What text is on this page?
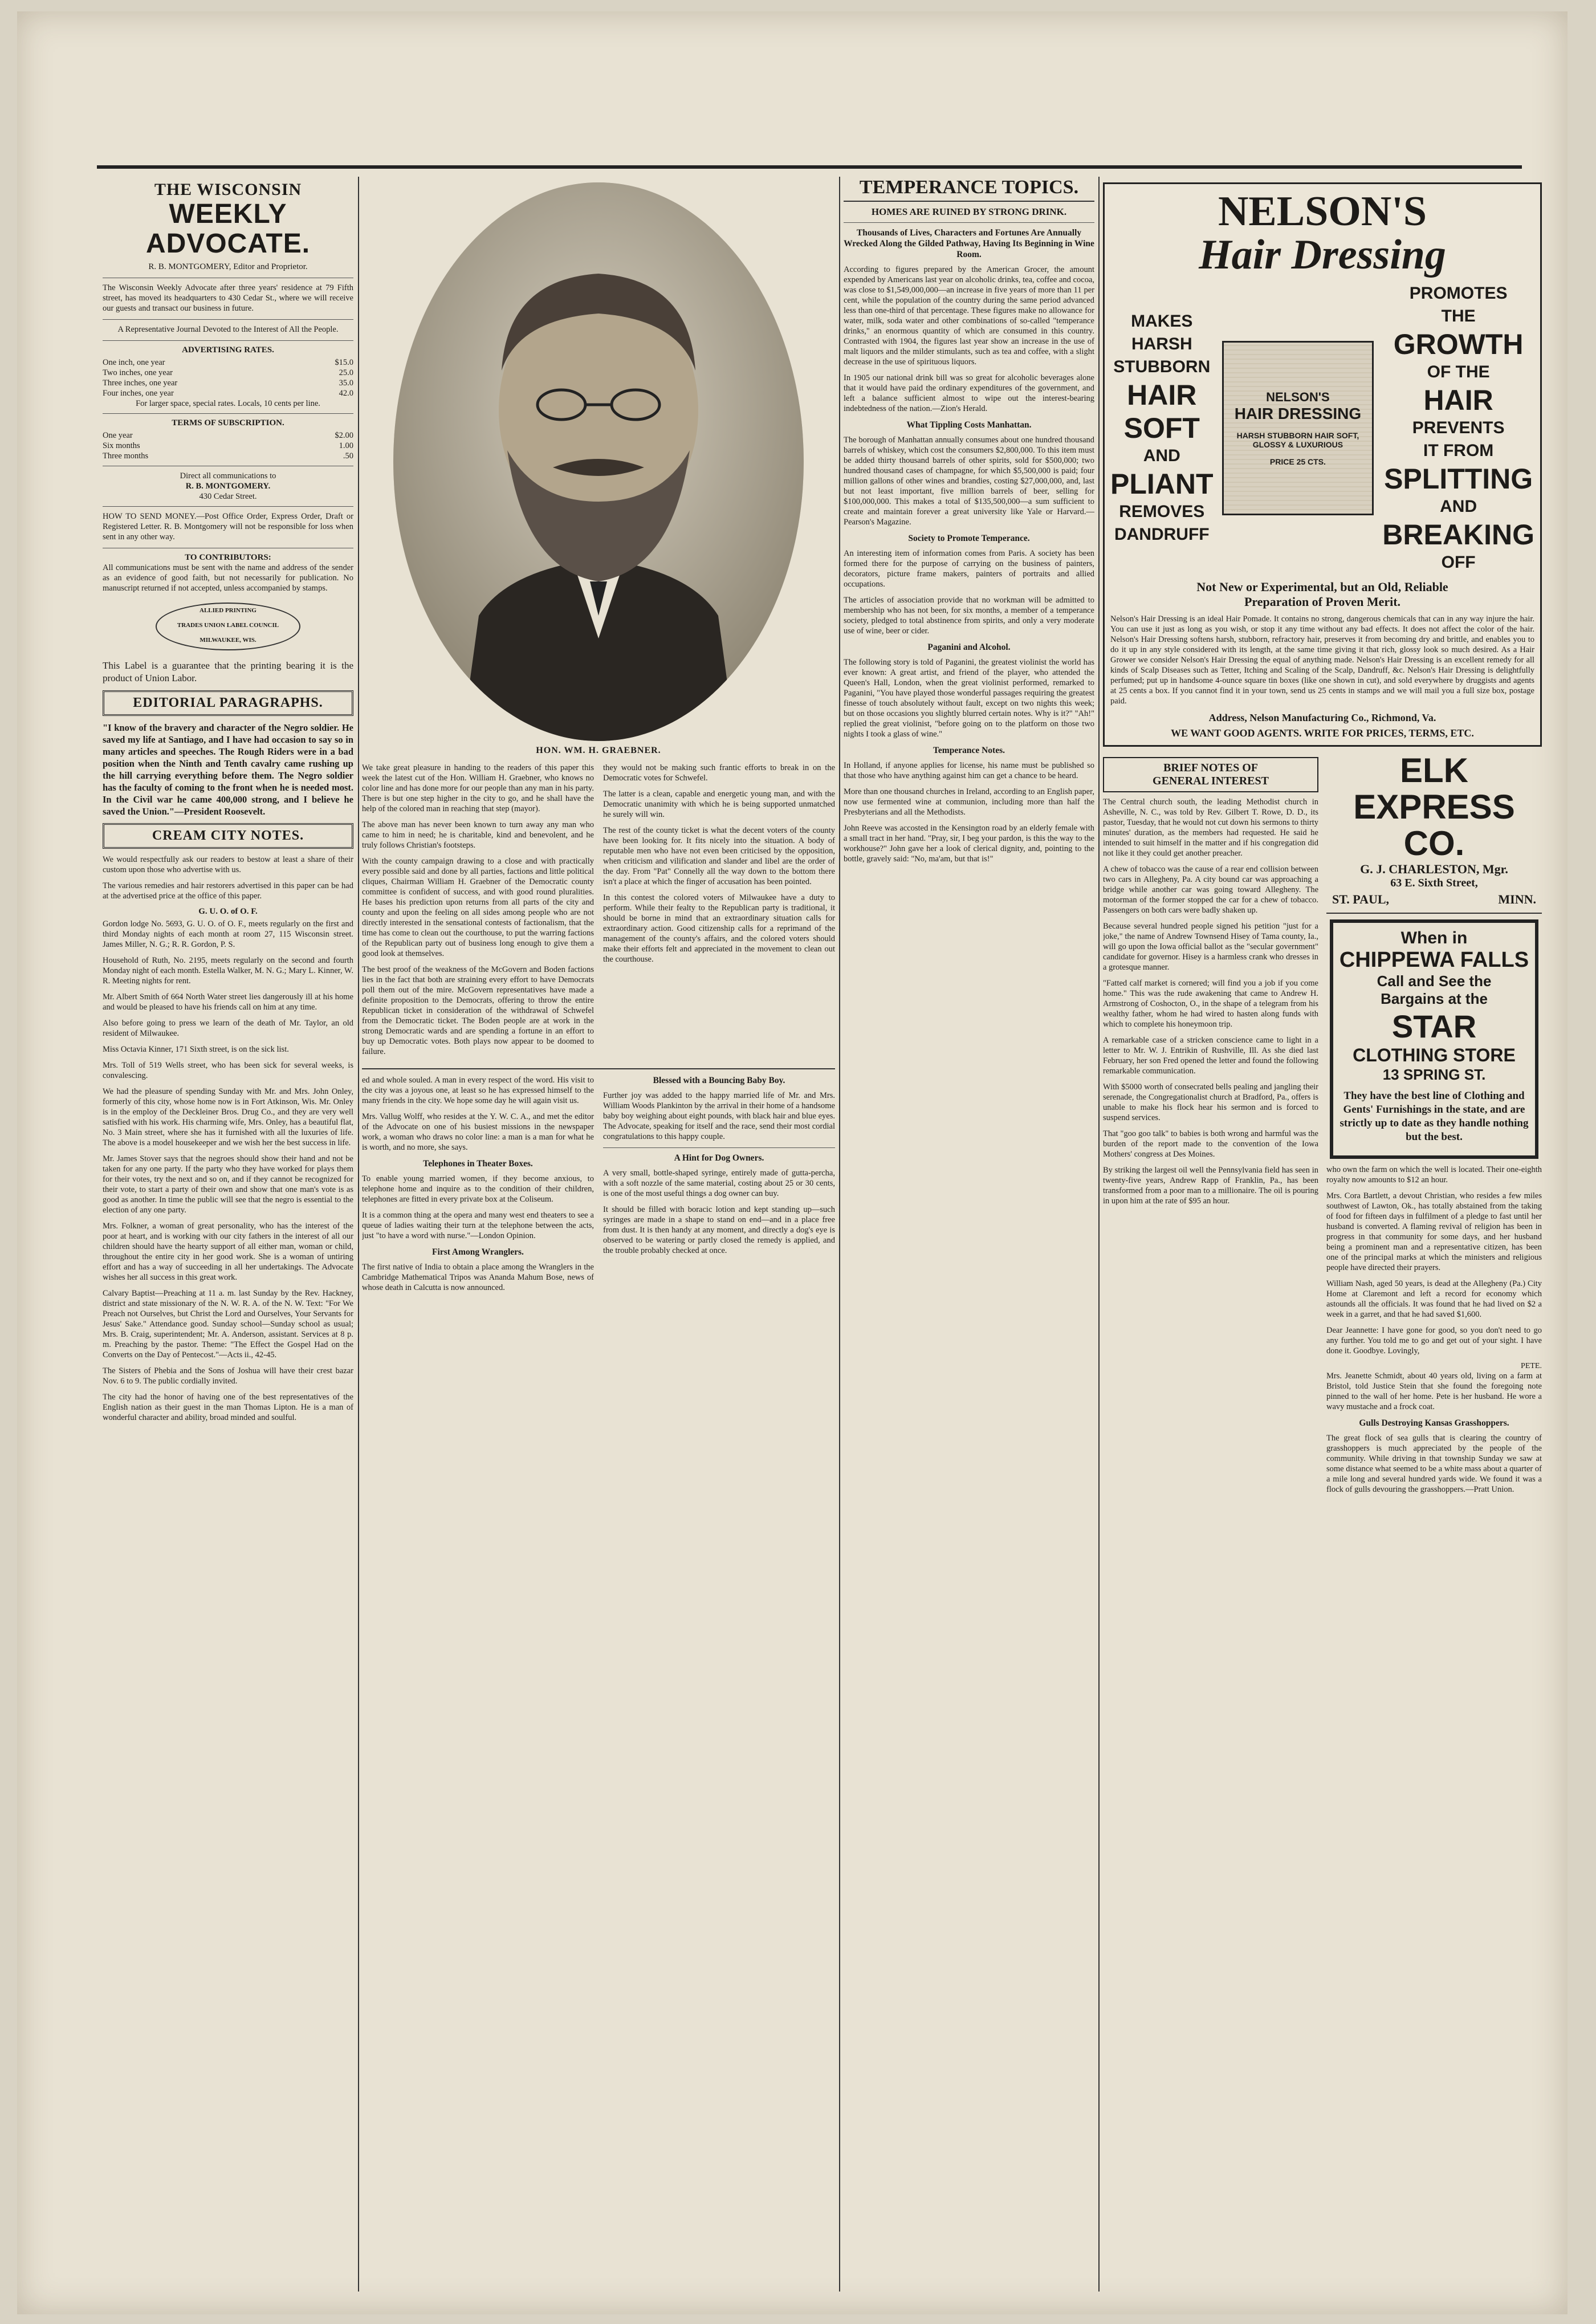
THE WISCONSIN
WEEKLY ADVOCATE.
R. B. MONTGOMERY, Editor and Proprietor.

The Wisconsin Weekly Advocate after three years' residence at 79 Fifth street, has moved its headquarters to 430 Cedar St., where we will receive our guests and transact our business in future.

A Representative Journal Devoted to the Interest of All the People.

ADVERTISING RATES.
One inch, one year	$15.0
Two inches, one year	25.0
Three inches, one year	35.0
Four inches, one year	42.0
For larger space, special rates. Locals, 10 cents per line.
TERMS OF SUBSCRIPTION.
One year	$2.00
Six months	1.00
Three months	.50
Direct all communications to
R. B. MONTGOMERY.
430 Cedar Street.

HOW TO SEND MONEY.—Post Office Order, Express Order, Draft or Registered Letter. R. B. Montgomery will not be responsible for loss when sent in any other way.

TO CONTRIBUTORS:

All communications must be sent with the name and address of the sender as an evidence of good faith, but not necessarily for publication. No manuscript returned if not accepted, unless accompanied by stamps.

ALLIED PRINTING
TRADES UNION LABEL COUNCIL
MILWAUKEE, WIS.

This Label is a guarantee that the printing bearing it is the product of Union Labor.

EDITORIAL PARAGRAPHS.

"I know of the bravery and character of the Negro soldier. He saved my life at Santiago, and I have had occasion to say so in many articles and speeches. The Rough Riders were in a bad position when the Ninth and Tenth cavalry came rushing up the hill carrying everything before them. The Negro soldier has the faculty of coming to the front when he is needed most. In the Civil war he came 400,000 strong, and I believe he saved the Union."—President Roosevelt.

CREAM CITY NOTES.

We would respectfully ask our readers to bestow at least a share of their custom upon those who advertise with us.

The various remedies and hair restorers advertised in this paper can be had at the advertised price at the office of this paper.

G. U. O. of O. F.

Gordon lodge No. 5693, G. U. O. of O. F., meets regularly on the first and third Monday nights of each month at room 27, 115 Wisconsin street. James Miller, N. G.; R. R. Gordon, P. S.

Household of Ruth, No. 2195, meets regularly on the second and fourth Monday night of each month. Estella Walker, M. N. G.; Mary L. Kinner, W. R. Meeting nights for rent.

Mr. Albert Smith of 664 North Water street lies dangerously ill at his home and would be pleased to have his friends call on him at any time.

Also before going to press we learn of the death of Mr. Taylor, an old resident of Milwaukee.

Miss Octavia Kinner, 171 Sixth street, is on the sick list.

Mrs. Toll of 519 Wells street, who has been sick for several weeks, is convalescing.

We had the pleasure of spending Sunday with Mr. and Mrs. John Onley, formerly of this city, whose home now is in Fort Atkinson, Wis. Mr. Onley is in the employ of the Deckleiner Bros. Drug Co., and they are very well satisfied with his work. His charming wife, Mrs. Onley, has a beautiful flat, No. 3 Main street, where she has it furnished with all the luxuries of life. The above is a model housekeeper and we wish her the best success in life.

Mr. James Stover says that the negroes should show their hand and not be taken for any one party. If the party who they have worked for plays them for their votes, try the next and so on, and if they cannot be recognized for their vote, to start a party of their own and show that one man's vote is as good as another. In time the public will see that the negro is essential to the election of any one party.

Mrs. Folkner, a woman of great personality, who has the interest of the poor at heart, and is working with our city fathers in the interest of all our children should have the hearty support of all either man, woman or child, throughout the entire city in her good work. She is a woman of untiring effort and has a way of succeeding in all her undertakings. The Advocate wishes her all success in this great work.

Calvary Baptist—Preaching at 11 a. m. last Sunday by the Rev. Hackney, district and state missionary of the N. W. R. A. of the N. W. Text: "For We Preach not Ourselves, but Christ the Lord and Ourselves, Your Servants for Jesus' Sake." Attendance good. Sunday school—Sunday school as usual; Mrs. B. Craig, superintendent; Mr. A. Anderson, assistant. Services at 8 p. m. Preaching by the pastor. Theme: "The Effect the Gospel Had on the Converts on the Day of Pentecost."—Acts ii., 42-45.

The Sisters of Phebia and the Sons of Joshua will have their crest bazar Nov. 6 to 9. The public cordially invited.

The city had the honor of having one of the best representatives of the English nation as their guest in the man Thomas Lipton. He is a man of wonderful character and ability, broad minded and soulful.

HON. WM. H. GRAEBNER.

We take great pleasure in handing to the readers of this paper this week the latest cut of the Hon. William H. Graebner, who knows no color line and has done more for our people than any man in his party. There is but one step higher in the city to go, and he shall have the help of the colored man in reaching that step (mayor).

The above man has never been known to turn away any man who came to him in need; he is charitable, kind and benevolent, and he truly follows Christian's footsteps.

With the county campaign drawing to a close and with practically every possible said and done by all parties, factions and little political cliques, Chairman William H. Graebner of the Democratic county committee is confident of success, and with good round pluralities. He bases his prediction upon returns from all parts of the city and county and upon the feeling on all sides among people who are not directly interested in the sensational contests of factionalism, that the time has come to clean out the courthouse, to put the warring factions of the Republican party out of business long enough to give them a good look at themselves.

The best proof of the weakness of the McGovern and Boden factions lies in the fact that both are straining every effort to have Democrats poll them out of the mire. McGovern representatives have made a definite proposition to the Democrats, offering to throw the entire Republican ticket in consideration of the withdrawal of Schwefel from the Democratic ticket. The Boden people are at work in the strong Democratic wards and are spending a fortune in an effort to buy up Democratic votes. Both plays now appear to be doomed to failure.

they would not be making such frantic efforts to break in on the Democratic votes for Schwefel.

The latter is a clean, capable and energetic young man, and with the Democratic unanimity with which he is being supported unmatched he surely will win.

The rest of the county ticket is what the decent voters of the county have been looking for. It fits nicely into the situation. A body of reputable men who have not even been criticised by the opposition, when criticism and vilification and slander and libel are the order of the day. From "Pat" Connelly all the way down to the bottom there isn't a place at which the finger of accusation has been pointed.

In this contest the colored voters of Milwaukee have a duty to perform. While their fealty to the Republican party is traditional, it should be borne in mind that an extraordinary situation calls for extraordinary action. Good citizenship calls for a reprimand of the management of the county's affairs, and the colored voters should make their efforts felt and appreciated in the movement to clean out the courthouse.

ed and whole souled. A man in every respect of the word. His visit to the city was a joyous one, at least so he has expressed himself to the many friends in the city. We hope some day he will again visit us.

Mrs. Vallug Wolff, who resides at the Y. W. C. A., and met the editor of the Advocate on one of his busiest missions in the newspaper work, a woman who draws no color line: a man is a man for what he is worth, and no more, she says.

Telephones in Theater Boxes.

To enable young married women, if they become anxious, to telephone home and inquire as to the condition of their children, telephones are fitted in every private box at the Coliseum.

It is a common thing at the opera and many west end theaters to see a queue of ladies waiting their turn at the telephone between the acts, just "to have a word with nurse."—London Opinion.

First Among Wranglers.

The first native of India to obtain a place among the Wranglers in the Cambridge Mathematical Tripos was Ananda Mahum Bose, news of whose death in Calcutta is now announced.

Blessed with a Bouncing Baby Boy.

Further joy was added to the happy married life of Mr. and Mrs. William Woods Plankinton by the arrival in their home of a handsome baby boy weighing about eight pounds, with black hair and blue eyes. The Advocate, speaking for itself and the race, send their most cordial congratulations to this happy couple.

A Hint for Dog Owners.

A very small, bottle-shaped syringe, entirely made of gutta-percha, with a soft nozzle of the same material, costing about 25 or 30 cents, is one of the most useful things a dog owner can buy.

It should be filled with boracic lotion and kept standing up—such syringes are made in a shape to stand on end—and in a place free from dust. It is then handy at any moment, and directly a dog's eye is observed to be watering or partly closed the remedy is applied, and the trouble probably checked at once.

TEMPERANCE TOPICS.
HOMES ARE RUINED BY STRONG DRINK.
Thousands of Lives, Characters and Fortunes Are Annually Wrecked Along the Gilded Pathway, Having Its Beginning in Wine Room.

According to figures prepared by the American Grocer, the amount expended by Americans last year on alcoholic drinks, tea, coffee and cocoa, was close to $1,549,000,000—an increase in five years of more than 11 per cent, while the population of the country during the same period advanced less than one-third of that percentage. These figures make no allowance for water, milk, soda water and other combinations of so-called "temperance drinks," an enormous quantity of which are consumed in this country. Contrasted with 1904, the figures last year show an increase in the use of malt liquors and the milder stimulants, such as tea and coffee, with a slight decrease in the use of spirituous liquors.

In 1905 our national drink bill was so great for alcoholic beverages alone that it would have paid the ordinary expenditures of the government, and left a balance sufficient almost to wipe out the interest-bearing indebtedness of the nation.—Zion's Herald.

What Tippling Costs Manhattan.

The borough of Manhattan annually consumes about one hundred thousand barrels of whiskey, which cost the consumers $2,800,000. To this item must be added thirty thousand barrels of other spirits, sold for $500,000; two hundred thousand cases of champagne, for which $5,500,000 is paid; four million gallons of other wines and brandies, costing $27,000,000, and, last but not least important, five million barrels of beer, selling for $100,000,000. This makes a total of $135,500,000—a sum sufficient to create and maintain forever a great university like Yale or Harvard.—Pearson's Magazine.

Society to Promote Temperance.

An interesting item of information comes from Paris. A society has been formed there for the purpose of carrying on the business of painters, decorators, picture frame makers, painters of portraits and allied occupations.

The articles of association provide that no workman will be admitted to membership who has not been, for six months, a member of a temperance society, pledged to total abstinence from spirits, and only a very moderate use of wine, beer or cider.

Paganini and Alcohol.

The following story is told of Paganini, the greatest violinist the world has ever known: A great artist, and friend of the player, who attended the Queen's Hall, London, when the great violinist performed, remarked to Paganini, "You have played those wonderful passages requiring the greatest finesse of touch absolutely without fault, except on two nights this week; but on those occasions you slightly blurred certain notes. Why is it?" "Ah!" replied the great violinist, "before going on to the platform on those two nights I took a glass of wine."

Temperance Notes.

In Holland, if anyone applies for license, his name must be published so that those who have anything against him can get a chance to be heard.

More than one thousand churches in Ireland, according to an English paper, now use fermented wine at communion, including more than half the Presbyterians and all the Methodists.

John Reeve was accosted in the Kensington road by an elderly female with a small tract in her hand. "Pray, sir, I beg your pardon, is this the way to the workhouse?" John gave her a look of clerical dignity, and, pointing to the bottle, gravely said: "No, ma'am, but that is!"

NELSON'S
Hair Dressing
MAKES
HARSH
STUBBORN
HAIR
SOFT
AND
PLIANT
REMOVES
DANDRUFF
NELSON'S
HAIR DRESSING
HARSH STUBBORN HAIR SOFT, GLOSSY & LUXURIOUS
PRICE 25 CTS.
PROMOTES
THE
GROWTH
OF THE
HAIR
PREVENTS
IT FROM
SPLITTING
AND
BREAKING
OFF
Not New or Experimental, but an Old, Reliable
Preparation of Proven Merit.

Nelson's Hair Dressing is an ideal Hair Pomade. It contains no strong, dangerous chemicals that can in any way injure the hair. You can use it just as long as you wish, or stop it any time without any bad effects. It does not affect the color of the hair. Nelson's Hair Dressing softens harsh, stubborn, refractory hair, preserves it from becoming dry and brittle, and enables you to do it up in any style considered with its length, at the same time giving it that rich, glossy look so much desired. As a Hair Grower we consider Nelson's Hair Dressing the equal of anything made. Nelson's Hair Dressing is an excellent remedy for all kinds of Scalp Diseases such as Tetter, Itching and Scaling of the Scalp, Dandruff, &c. Nelson's Hair Dressing is delightfully perfumed; put up in handsome 4-ounce square tin boxes (like one shown in cut), and sold everywhere by druggists and agents at 25 cents a box. If you cannot find it in your town, send us 25 cents in stamps and we will mail you a full size box, postage paid.

Address, Nelson Manufacturing Co., Richmond, Va.
WE WANT GOOD AGENTS. WRITE FOR PRICES, TERMS, ETC.
BRIEF NOTES OF
GENERAL INTEREST

The Central church south, the leading Methodist church in Asheville, N. C., was told by Rev. Gilbert T. Rowe, D. D., its pastor, Tuesday, that he would not cut down his sermons to thirty minutes' duration, as the members had requested. He said he intended to suit himself in the matter and if his congregation did not like it they could get another preacher.

A chew of tobacco was the cause of a rear end collision between two cars in Allegheny, Pa. A city bound car was approaching a bridge while another car was going toward Allegheny. The motorman of the former stopped the car for a chew of tobacco. Passengers on both cars were badly shaken up.

Because several hundred people signed his petition "just for a joke," the name of Andrew Townsend Hisey of Tama county, Ia., will go upon the Iowa official ballot as the "secular government" candidate for governor. Hisey is a harmless crank who dresses in a grotesque manner.

"Fatted calf market is cornered; will find you a job if you come home." This was the rude awakening that came to Andrew H. Armstrong of Coshocton, O., in the shape of a telegram from his wealthy father, whom he had wired to hasten along funds with which to complete his honeymoon trip.

A remarkable case of a stricken conscience came to light in a letter to Mr. W. J. Entrikin of Rushville, Ill. As she died last February, her son Fred opened the letter and found the following remarkable communication.

With $5000 worth of consecrated bells pealing and jangling their serenade, the Congregationalist church at Bradford, Pa., offers is unable to make his flock hear his sermon and is forced to suspend services.

That "goo goo talk" to babies is both wrong and harmful was the burden of the report made to the convention of the Iowa Mothers' congress at Des Moines.

By striking the largest oil well the Pennsylvania field has seen in twenty-five years, Andrew Rapp of Franklin, Pa., has been transformed from a poor man to a millionaire. The oil is pouring in upon him at the rate of $95 an hour.

ELK EXPRESS CO.
G. J. CHARLESTON, Mgr.
63 E. Sixth Street,
ST. PAUL,	MINN.
When in
CHIPPEWA FALLS
Call and See the
Bargains at the
STAR
CLOTHING STORE
13 SPRING ST.

They have the best line of Clothing and Gents' Furnishings in the state, and are strictly up to date as they handle nothing but the best.

who own the farm on which the well is located. Their one-eighth royalty now amounts to $12 an hour.

Mrs. Cora Bartlett, a devout Christian, who resides a few miles southwest of Lawton, Ok., has totally abstained from the taking of food for fifteen days in fulfilment of a pledge to fast until her husband is converted. A flaming revival of religion has been in progress in that community for some days, and her husband being a prominent man and a representative citizen, has been one of the principal marks at which the ministers and religious people have directed their prayers.

William Nash, aged 50 years, is dead at the Allegheny (Pa.) City Home at Claremont and left a record for economy which astounds all the officials. It was found that he had lived on $2 a week in a garret, and that he had saved $1,600.

Dear Jeannette: I have gone for good, so you don't need to go any further. You told me to go and get out of your sight. I have done it. Goodbye. Lovingly,

PETE.

Mrs. Jeanette Schmidt, about 40 years old, living on a farm at Bristol, told Justice Stein that she found the foregoing note pinned to the wall of her home. Pete is her husband. He wore a wavy mustache and a frock coat.

Gulls Destroying Kansas Grasshoppers.

The great flock of sea gulls that is clearing the country of grasshoppers is much appreciated by the people of the community. While driving in that township Sunday we saw at some distance what seemed to be a white mass about a quarter of a mile long and several hundred yards wide. We found it was a flock of gulls devouring the grasshoppers.—Pratt Union.
